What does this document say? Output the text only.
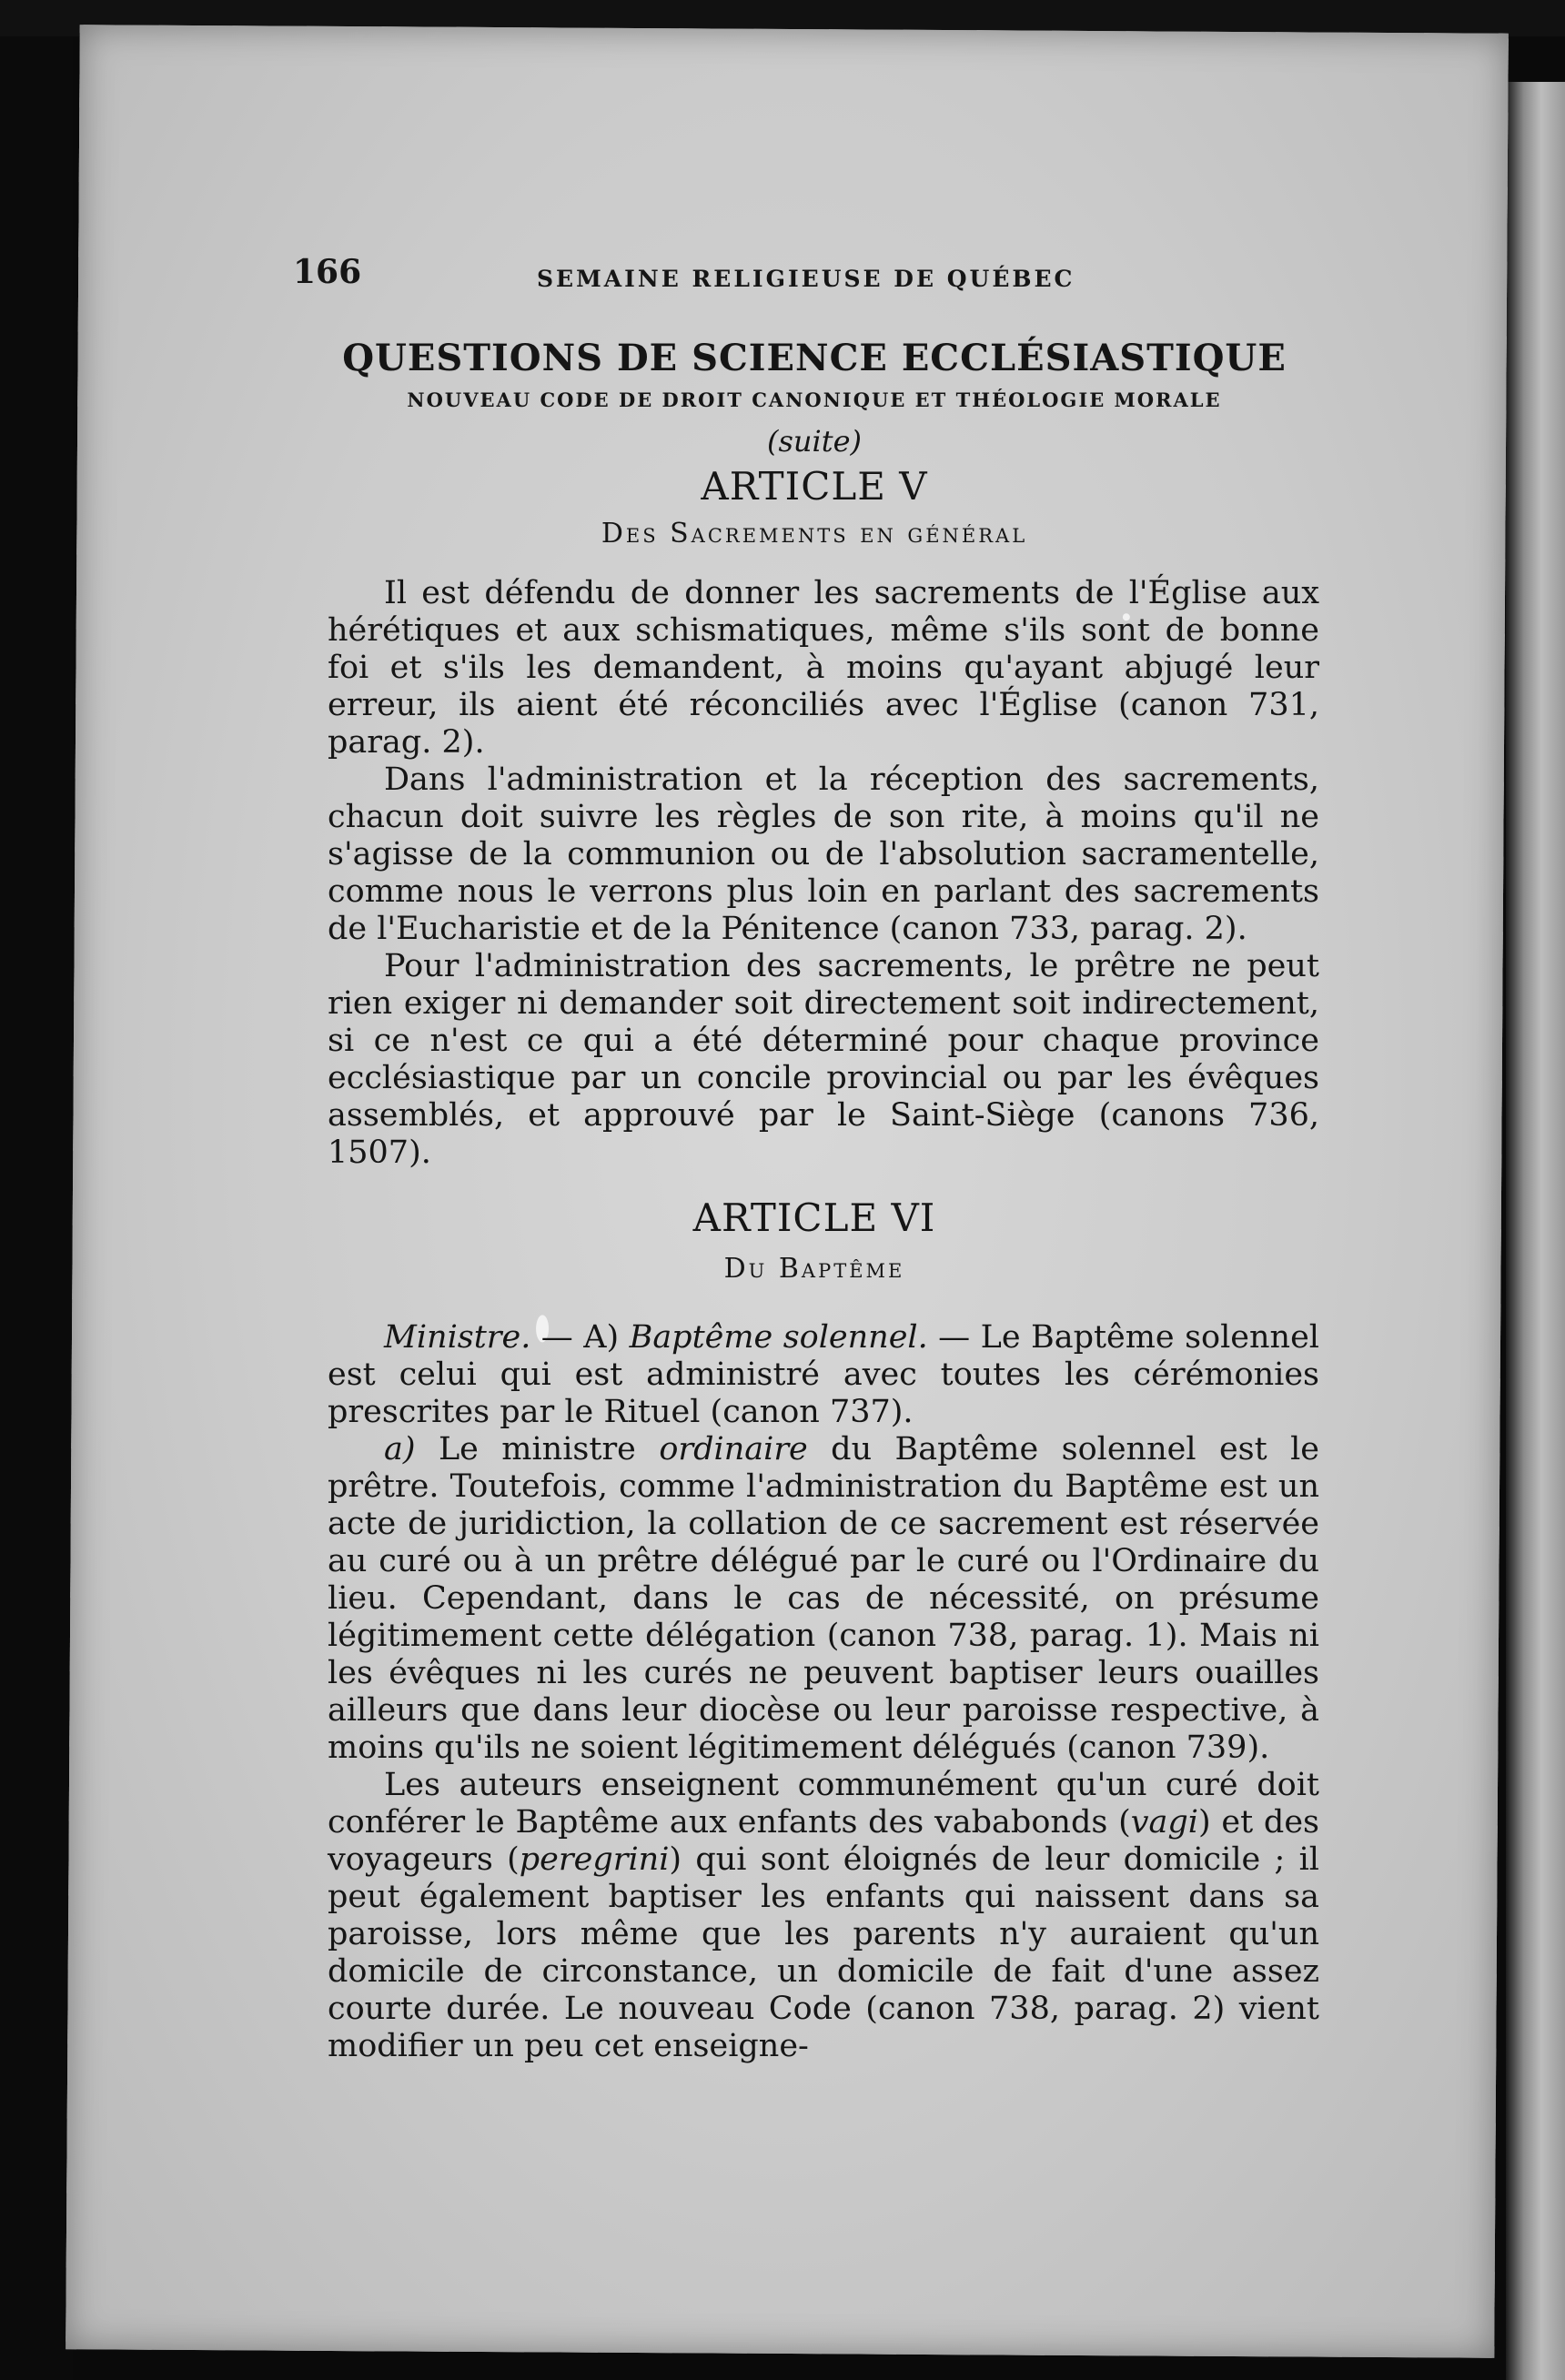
166	SEMAINE RELIGIEUSE DE QUÉBEC
QUESTIONS DE SCIENCE ECCLÉSIASTIQUE
NOUVEAU CODE DE DROIT CANONIQUE ET THÉOLOGIE MORALE
(suite)
ARTICLE V
Des Sacrements en général

Il est défendu de donner les sacrements de l'Église aux hérétiques et aux schismatiques, même s'ils sont de bonne foi et s'ils les demandent, à moins qu'ayant abjugé leur erreur, ils aient été réconciliés avec l'Église (canon 731, parag. 2).

Dans l'administration et la réception des sacrements, chacun doit suivre les règles de son rite, à moins qu'il ne s'agisse de la communion ou de l'absolution sacramentelle, comme nous le verrons plus loin en parlant des sacrements de l'Eucharistie et de la Pénitence (canon 733, parag. 2).

Pour l'administration des sacrements, le prêtre ne peut rien exiger ni demander soit directement soit indirectement, si ce n'est ce qui a été déterminé pour chaque province ecclésiastique par un concile provincial ou par les évêques assemblés, et approuvé par le Saint-Siège (canons 736, 1507).

ARTICLE VI
Du Baptême

Ministre. — A) Baptême solennel. — Le Baptême solennel est celui qui est administré avec toutes les cérémonies prescrites par le Rituel (canon 737).

a) Le ministre ordinaire du Baptême solennel est le prêtre. Toutefois, comme l'administration du Baptême est un acte de juridiction, la collation de ce sacrement est réservée au curé ou à un prêtre délégué par le curé ou l'Ordinaire du lieu. Cependant, dans le cas de nécessité, on présume légitimement cette délégation (canon 738, parag. 1). Mais ni les évêques ni les curés ne peuvent baptiser leurs ouailles ailleurs que dans leur diocèse ou leur paroisse respective, à moins qu'ils ne soient légitimement délégués (canon 739).

Les auteurs enseignent communément qu'un curé doit conférer le Baptême aux enfants des vababonds (vagi) et des voyageurs (peregrini) qui sont éloignés de leur domicile ; il peut également baptiser les enfants qui naissent dans sa paroisse, lors même que les parents n'y auraient qu'un domicile de circonstance, un domicile de fait d'une assez courte durée. Le nouveau Code (canon 738, parag. 2) vient modifier un peu cet enseigne-
